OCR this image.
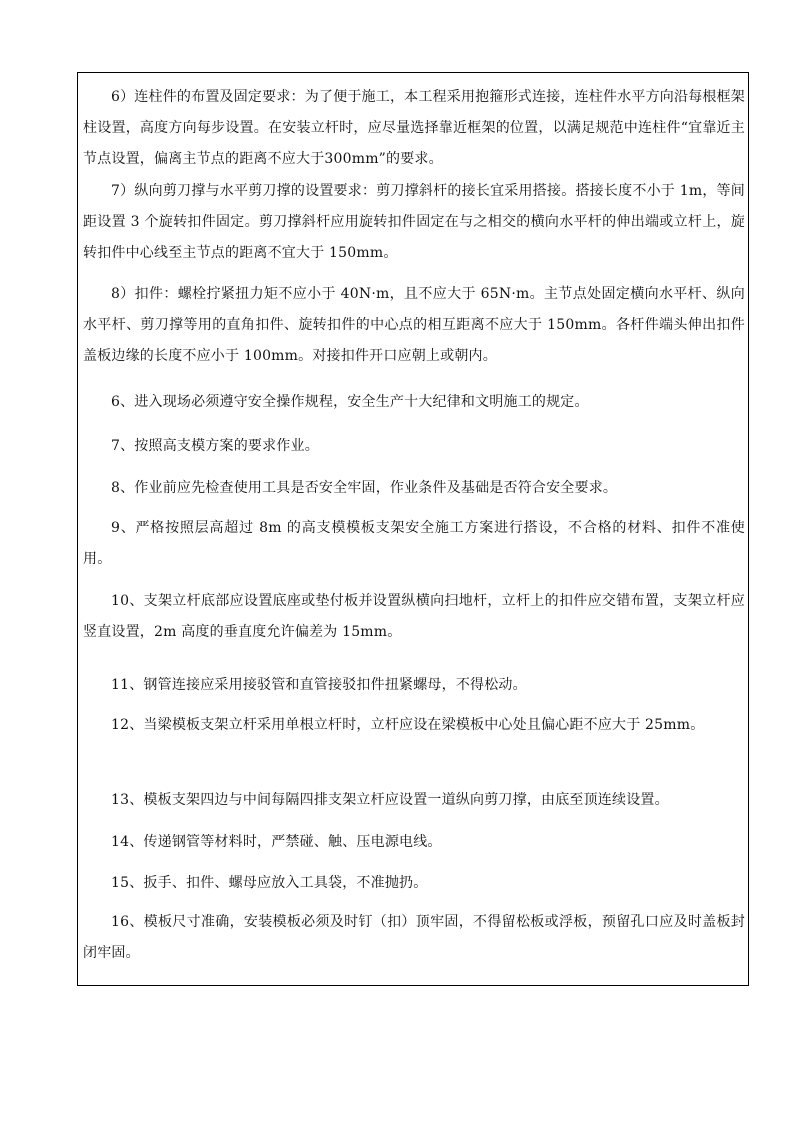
6）连柱件的布置及固定要求：为了便于施工，本工程采用抱箍形式连接，连柱件水平方向沿每根框架柱设置，高度方向每步设置。在安装立杆时，应尽量选择靠近框架的位置，以满足规范中连柱件“宜靠近主节点设置，偏离主节点的距离不应大于300mm”的要求。
7）纵向剪刀撑与水平剪刀撑的设置要求：剪刀撑斜杆的接长宜采用搭接。搭接长度不小于 1m，等间距设置 3 个旋转扣件固定。剪刀撑斜杆应用旋转扣件固定在与之相交的横向水平杆的伸出端或立杆上，旋转扣件中心线至主节点的距离不宜大于 150mm。
8）扣件：螺栓拧紧扭力矩不应小于 40N·m，且不应大于 65N·m。主节点处固定横向水平杆、纵向水平杆、剪刀撑等用的直角扣件、旋转扣件的中心点的相互距离不应大于 150mm。各杆件端头伸出扣件盖板边缘的长度不应小于 100mm。对接扣件开口应朝上或朝内。
6、进入现场必须遵守安全操作规程，安全生产十大纪律和文明施工的规定。
7、按照高支模方案的要求作业。
8、作业前应先检查使用工具是否安全牢固，作业条件及基础是否符合安全要求。
9、严格按照层高超过 8m 的高支模模板支架安全施工方案进行搭设，不合格的材料、扣件不准使用。
10、支架立杆底部应设置底座或垫付板并设置纵横向扫地杆，立杆上的扣件应交错布置，支架立杆应竖直设置，2m 高度的垂直度允许偏差为 15mm。
11、钢管连接应采用接驳管和直管接驳扣件扭紧螺母，不得松动。
12、当梁模板支架立杆采用单根立杆时，立杆应设在梁模板中心处且偏心距不应大于 25mm。
13、模板支架四边与中间每隔四排支架立杆应设置一道纵向剪刀撑，由底至顶连续设置。
14、传递钢管等材料时，严禁碰、触、压电源电线。
15、扳手、扣件、螺母应放入工具袋，不准抛扔。
16、模板尺寸准确，安装模板必须及时钉（扣）顶牢固，不得留松板或浮板，预留孔口应及时盖板封闭牢固。
